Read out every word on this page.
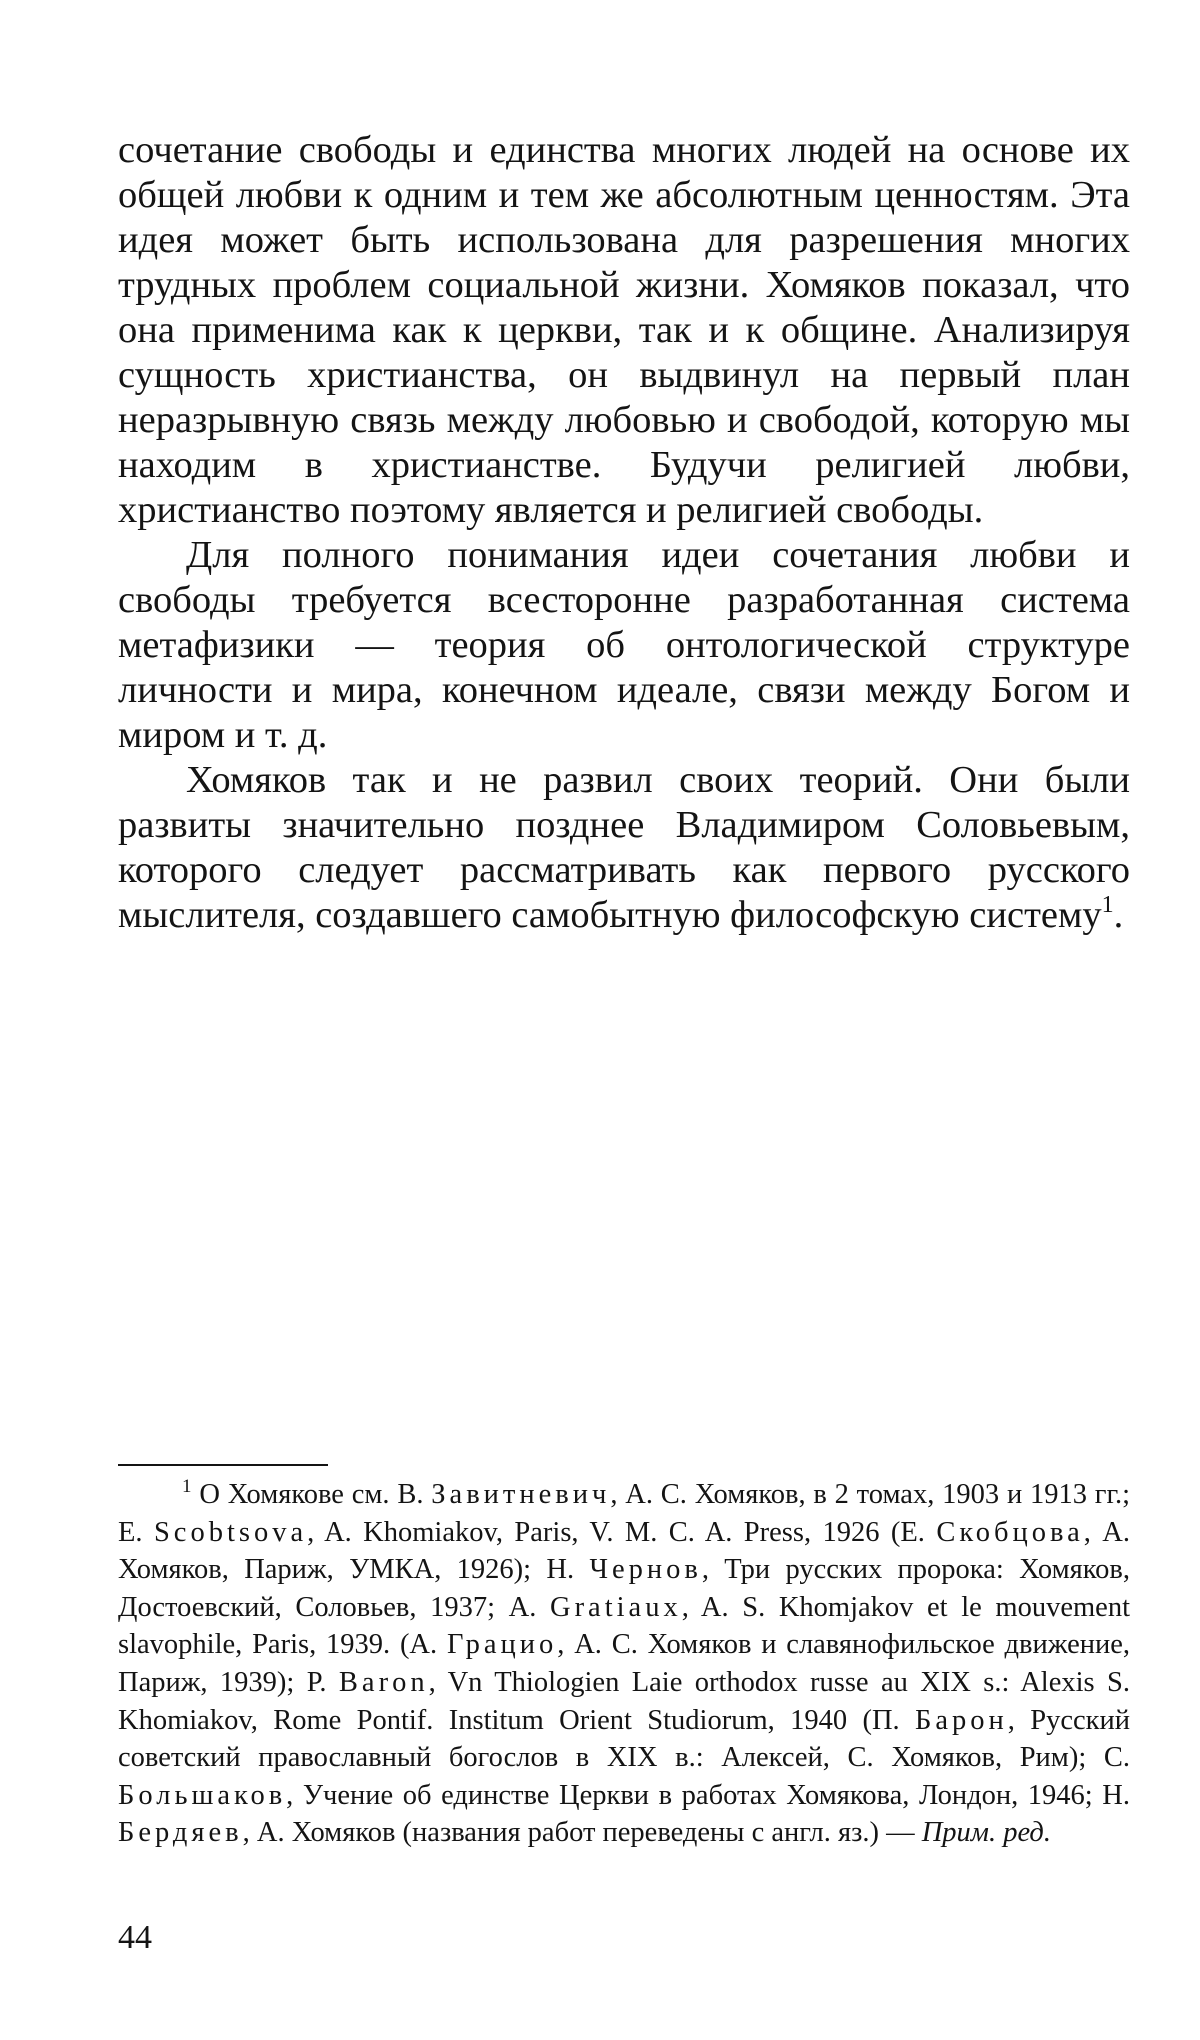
сочетание свободы и единства многих людей на основе их общей любви к одним и тем же абсолютным ценностям. Эта идея может быть использована для разрешения многих трудных проблем социальной жизни. Хомяков показал, что она применима как к церкви, так и к общине. Анализируя сущность христианства, он выдвинул на первый план неразрывную связь между любовью и свободой, которую мы находим в христианстве. Будучи религией любви, христианство поэтому является и религией свободы.

Для полного понимания идеи сочетания любви и свободы требуется всесторонне разработанная система метафизики — теория об онтологической структуре личности и мира, конечном идеале, связи между Богом и миром и т. д.

Хомяков так и не развил своих теорий. Они были развиты значительно позднее Владимиром Соловьевым, которого следует рассматривать как первого русского мыслителя, создавшего самобытную философскую систему$^1$.

$^1$ О Хомякове см. В. Завитневич, А. С. Хомяков, в 2 томах, 1903 и 1913 гг.; E. Scobtsova, A. Khomiakov, Paris, V. M. C. A. Press, 1926 (Е. Скобцова, А. Хомяков, Париж, УМКА, 1926); Н. Чернов, Три русских пророка: Хомяков, Достоевский, Соловьев, 1937; А. Gratiaux, A. S. Khomjakov et le mouvement slavophile, Paris, 1939. (А. Грацио, А. С. Хомяков и славянофильское движение, Париж, 1939); P. Baron, Vn Thiologien Laie orthodox russe au XIX s.: Alexis S. Khomiakov, Rome Pontif. Institum Orient Studiorum, 1940 (П. Барон, Русский советский православный богослов в XIX в.: Алексей, С. Хомяков, Рим); С. Большаков, Учение об единстве Церкви в работах Хомякова, Лондон, 1946; Н. Бердяев, А. Хомяков (названия работ переведены с англ. яз.) — Прим. ред.

44
